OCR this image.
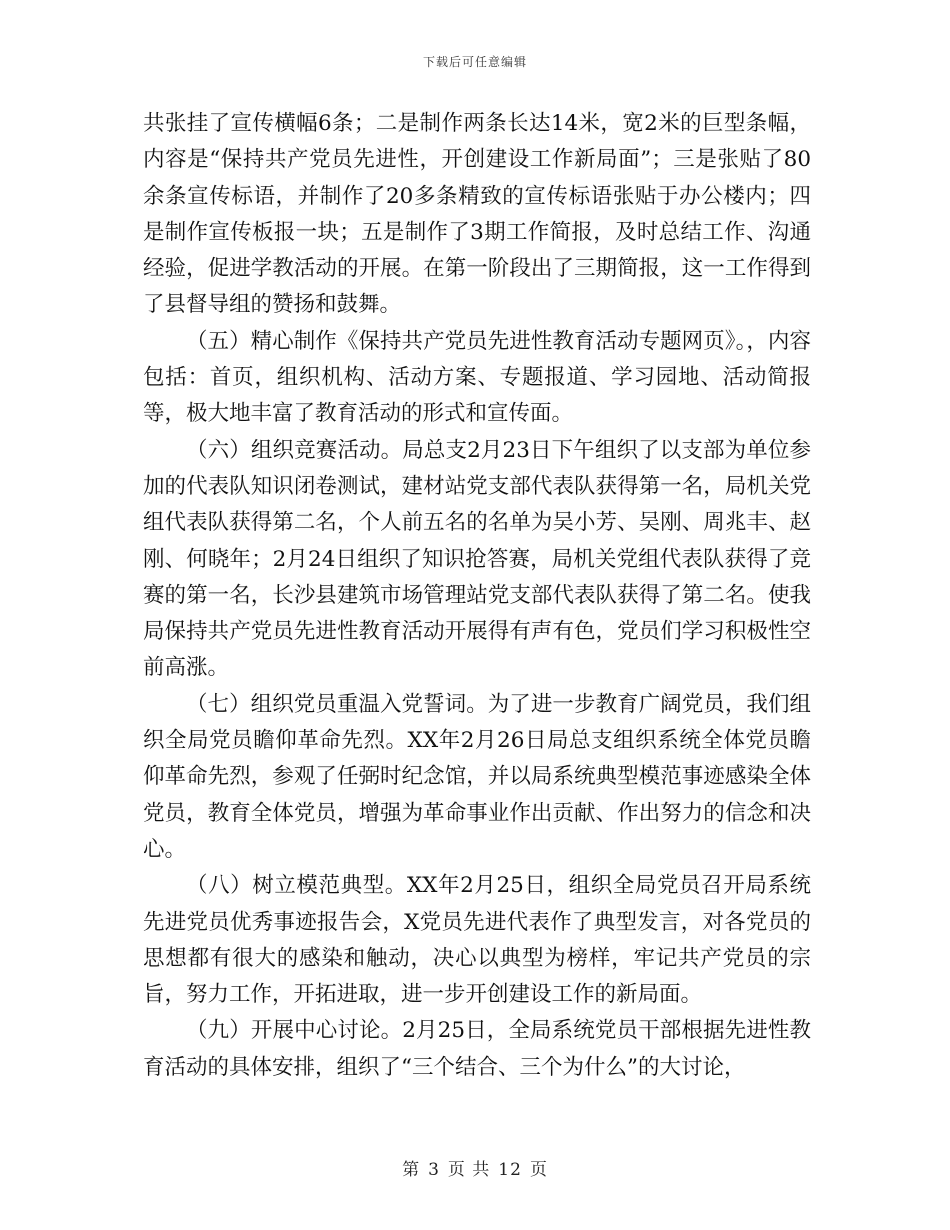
下载后可任意编辑

共张挂了宣传横幅6条；二是制作两条长达14米，宽2米的巨型条幅，内容是“保持共产党员先进性，开创建设工作新局面”；三是张贴了80余条宣传标语，并制作了20多条精致的宣传标语张贴于办公楼内；四是制作宣传板报一块；五是制作了3期工作简报，及时总结工作、沟通经验，促进学教活动的开展。在第一阶段出了三期简报，这一工作得到了县督导组的赞扬和鼓舞。

（五）精心制作《保持共产党员先进性教育活动专题网页》。，内容包括：首页，组织机构、活动方案、专题报道、学习园地、活动简报等，极大地丰富了教育活动的形式和宣传面。

（六）组织竞赛活动。局总支2月23日下午组织了以支部为单位参加的代表队知识闭卷测试，建材站党支部代表队获得第一名，局机关党组代表队获得第二名，个人前五名的名单为吴小芳、吴刚、周兆丰、赵刚、何晓年；2月24日组织了知识抢答赛，局机关党组代表队获得了竞赛的第一名，长沙县建筑市场管理站党支部代表队获得了第二名。使我局保持共产党员先进性教育活动开展得有声有色，党员们学习积极性空前高涨。

（七）组织党员重温入党誓词。为了进一步教育广阔党员，我们组织全局党员瞻仰革命先烈。XX年2月26日局总支组织系统全体党员瞻仰革命先烈，参观了任弼时纪念馆，并以局系统典型模范事迹感染全体党员，教育全体党员，增强为革命事业作出贡献、作出努力的信念和决心。

（八）树立模范典型。XX年2月25日，组织全局党员召开局系统先进党员优秀事迹报告会，X党员先进代表作了典型发言，对各党员的思想都有很大的感染和触动，决心以典型为榜样，牢记共产党员的宗旨，努力工作，开拓进取，进一步开创建设工作的新局面。

（九）开展中心讨论。2月25日，全局系统党员干部根据先进性教育活动的具体安排，组织了“三个结合、三个为什么”的大讨论，

第 3 页 共 12 页
